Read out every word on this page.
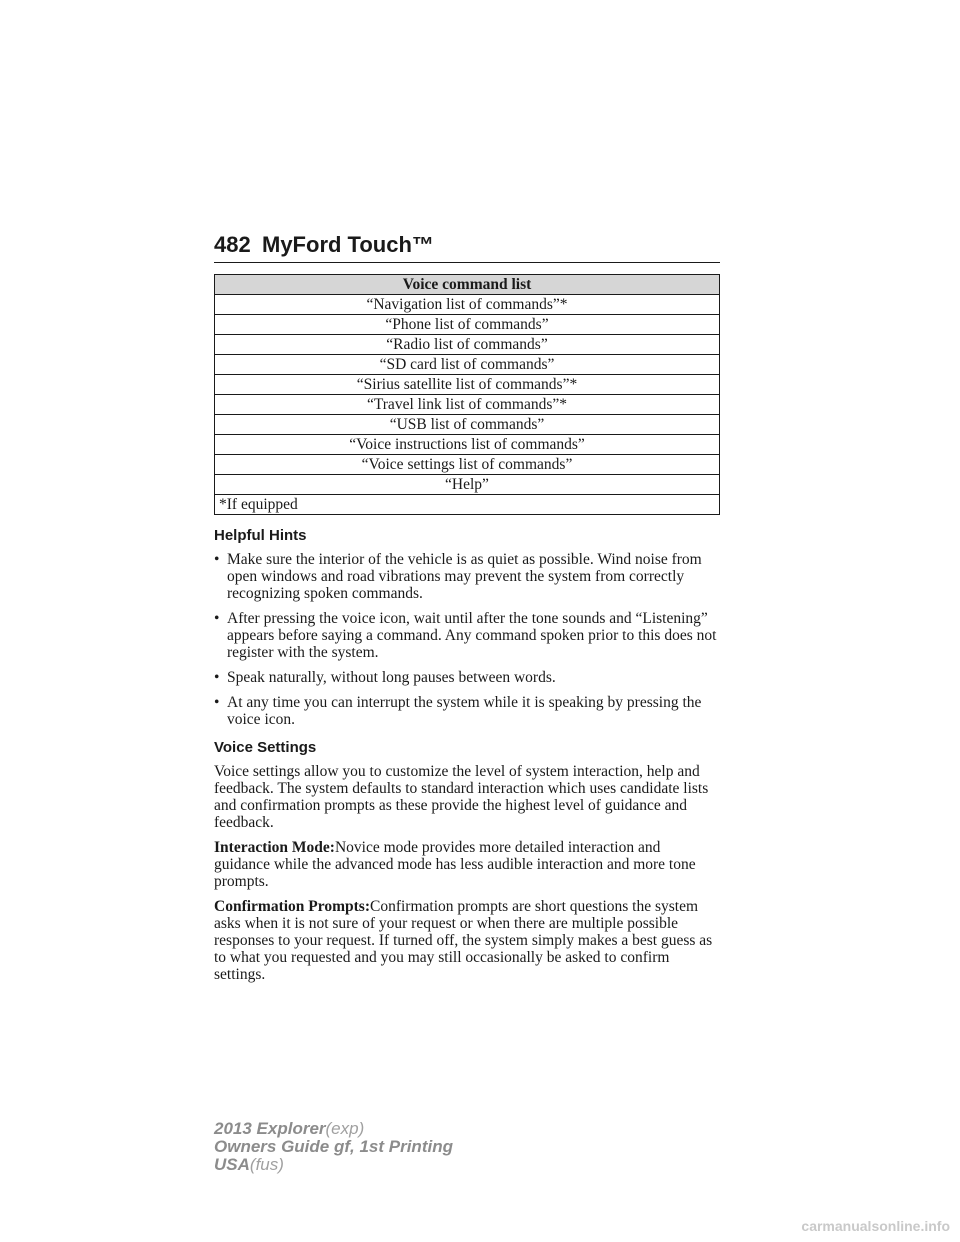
482 MyFord Touch™
Voice command list
“Navigation list of commands”*
“Phone list of commands”
“Radio list of commands”
“SD card list of commands”
“Sirius satellite list of commands”*
“Travel link list of commands”*
“USB list of commands”
“Voice instructions list of commands”
“Voice settings list of commands”
“Help”
*If equipped
Helpful Hints
• Make sure the interior of the vehicle is as quiet as possible. Wind noise from open windows and road vibrations may prevent the system from correctly recognizing spoken commands.
• After pressing the voice icon, wait until after the tone sounds and “Listening” appears before saying a command. Any command spoken prior to this does not register with the system.
• Speak naturally, without long pauses between words.
• At any time you can interrupt the system while it is speaking by pressing the voice icon.
Voice Settings

Voice settings allow you to customize the level of system interaction, help and feedback. The system defaults to standard interaction which uses candidate lists and confirmation prompts as these provide the highest level of guidance and feedback.

Interaction Mode:Novice mode provides more detailed interaction and guidance while the advanced mode has less audible interaction and more tone prompts.

Confirmation Prompts:Confirmation prompts are short questions the system asks when it is not sure of your request or when there are multiple possible responses to your request. If turned off, the system simply makes a best guess as to what you requested and you may still occasionally be asked to confirm settings.

2013 Explorer(exp)
Owners Guide gf, 1st Printing
USA(fus)
carmanualsonline.info
